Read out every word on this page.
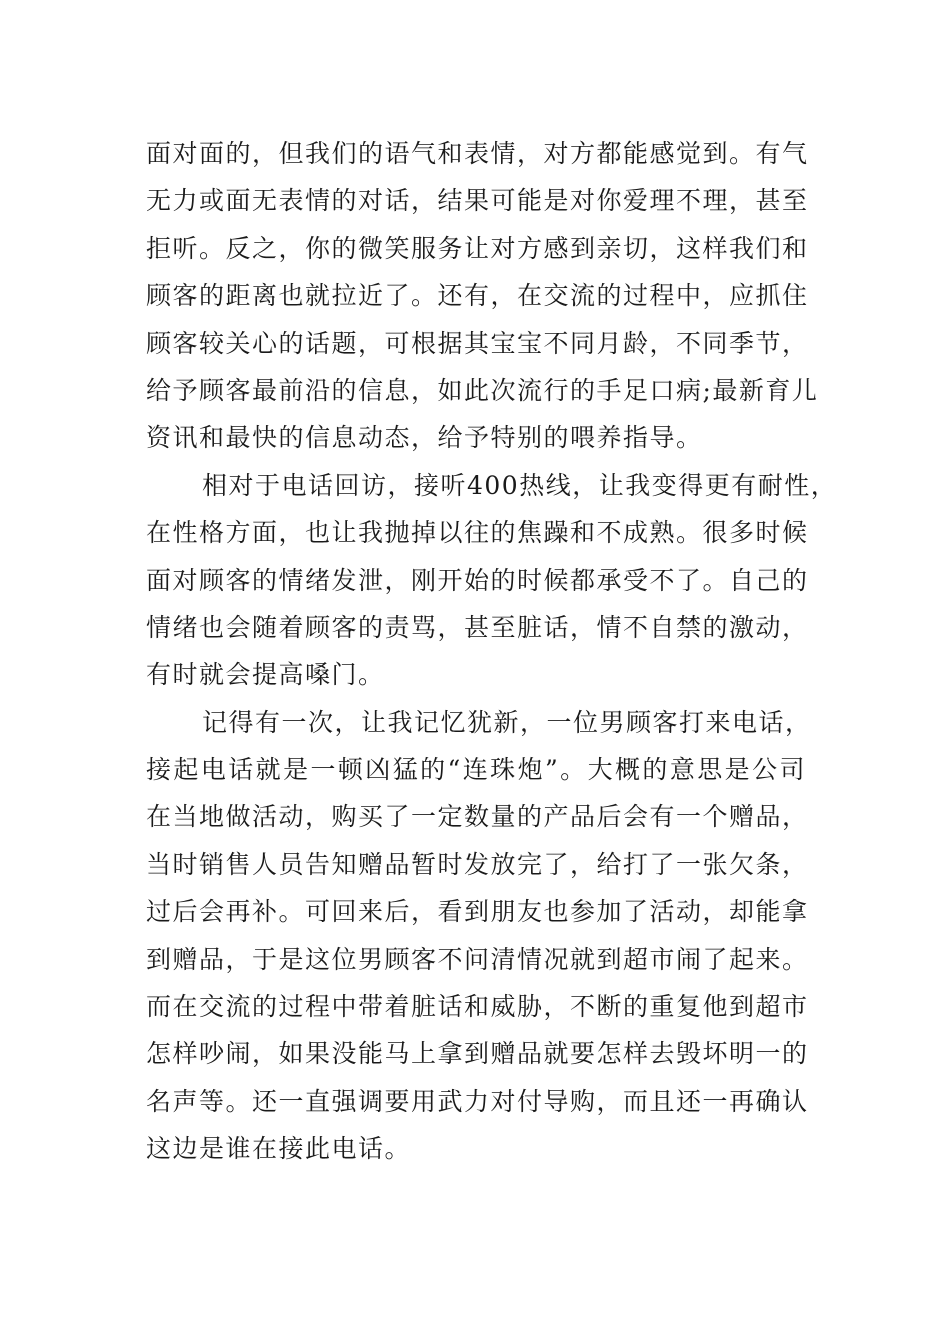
面对面的，但我们的语气和表情，对方都能感觉到。有气
无力或面无表情的对话，结果可能是对你爱理不理，甚至
拒听。反之，你的微笑服务让对方感到亲切，这样我们和
顾客的距离也就拉近了。还有，在交流的过程中，应抓住
顾客较关心的话题，可根据其宝宝不同月龄，不同季节，
给予顾客最前沿的信息，如此次流行的手足口病;最新育儿
资讯和最快的信息动态，给予特别的喂养指导。
相对于电话回访，接听400热线，让我变得更有耐性，
在性格方面，也让我抛掉以往的焦躁和不成熟。很多时候
面对顾客的情绪发泄，刚开始的时候都承受不了。自己的
情绪也会随着顾客的责骂，甚至脏话，情不自禁的激动，
有时就会提高嗓门。
记得有一次，让我记忆犹新，一位男顾客打来电话，
接起电话就是一顿凶猛的“连珠炮”。大概的意思是公司
在当地做活动，购买了一定数量的产品后会有一个赠品，
当时销售人员告知赠品暂时发放完了，给打了一张欠条，
过后会再补。可回来后，看到朋友也参加了活动，却能拿
到赠品，于是这位男顾客不问清情况就到超市闹了起来。
而在交流的过程中带着脏话和威胁，不断的重复他到超市
怎样吵闹，如果没能马上拿到赠品就要怎样去毁坏明一的
名声等。还一直强调要用武力对付导购，而且还一再确认
这边是谁在接此电话。
